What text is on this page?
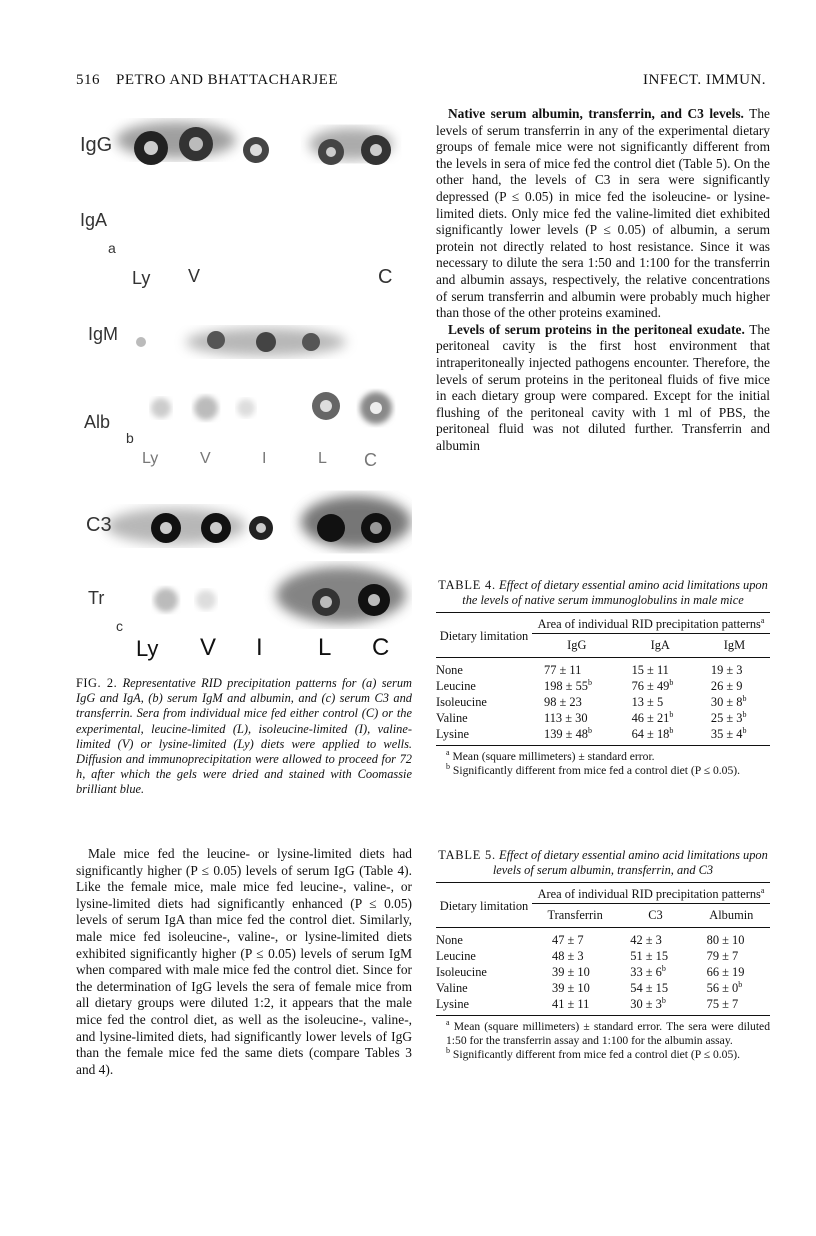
516 PETRO AND BHATTACHARJEE	INFECT. IMMUN.
IgG
IgA
a
Ly V	C
IgM
Alb
b
Ly	V	I	L C
C3
Tr
c
Ly V I L C
FIG. 2. Representative RID precipitation patterns for (a) serum IgG and IgA, (b) serum IgM and albumin, and (c) serum C3 and transferrin. Sera from individual mice fed either control (C) or the experimental, leucine-limited (L), isoleucine-limited (I), valine-limited (V) or lysine-limited (Ly) diets were applied to wells. Diffusion and immunoprecipitation were allowed to proceed for 72 h, after which the gels were dried and stained with Coomassie brilliant blue.

Male mice fed the leucine- or lysine-limited diets had significantly higher (P ≤ 0.05) levels of serum IgG (Table 4). Like the female mice, male mice fed leucine-, valine-, or lysine-limited diets had significantly enhanced (P ≤ 0.05) levels of serum IgA than mice fed the control diet. Similarly, male mice fed isoleucine-, valine-, or lysine-limited diets exhibited significantly higher (P ≤ 0.05) levels of serum IgM when compared with male mice fed the control diet. Since for the determination of IgG levels the sera of female mice from all dietary groups were diluted 1:2, it appears that the male mice fed the control diet, as well as the isoleucine-, valine-, and lysine-limited diets, had significantly lower levels of IgG than the female mice fed the same diets (compare Tables 3 and 4).

Native serum albumin, transferrin, and C3 levels. The levels of serum transferrin in any of the experimental dietary groups of female mice were not significantly different from the levels in sera of mice fed the control diet (Table 5). On the other hand, the levels of C3 in sera were significantly depressed (P ≤ 0.05) in mice fed the isoleucine- or lysine-limited diets. Only mice fed the valine-limited diet exhibited significantly lower levels (P ≤ 0.05) of albumin, a serum protein not directly related to host resistance. Since it was necessary to dilute the sera 1:50 and 1:100 for the transferrin and albumin assays, respectively, the relative concentrations of serum transferrin and albumin were probably much higher than those of the other proteins examined.

Levels of serum proteins in the peritoneal exudate. The peritoneal cavity is the first host environment that intraperitoneally injected pathogens encounter. Therefore, the levels of serum proteins in the peritoneal fluids of five mice in each dietary group were compared. Except for the initial flushing of the peritoneal cavity with 1 ml of PBS, the peritoneal fluid was not diluted further. Transferrin and albumin

TABLE 4. Effect of dietary essential amino acid limitations upon the levels of native serum immunoglobulins in male mice
Dietary limitation	Area of individual RID precipitation patterns$^a$
	IgG	IgA	IgM
None	77 ± 11	15 ± 11	19 ± 3
Leucine	$198 \pm 55^b$	$76 \pm 49^b$	26 ± 9
Isoleucine	98 ± 23	13 ± 5	$30 \pm 8^b$
Valine	113 ± 30	$46 \pm 21^b$	$25 \pm 3^b$
Lysine	$139 \pm 48^b$	$64 \pm 18^b$	$35 \pm 4^b$
$^a$ Mean (square millimeters) ± standard error.
$^b$ Significantly different from mice fed a control diet (P ≤ 0.05).
TABLE 5. Effect of dietary essential amino acid limitations upon levels of serum albumin, transferrin, and C3
Dietary limitation	Area of individual RID precipitation patterns$^a$
	Transferrin	C3	Albumin
None	47 ± 7	42 ± 3	80 ± 10
Leucine	48 ± 3	51 ± 15	79 ± 7
Isoleucine	39 ± 10	$33 \pm 6^b$	66 ± 19
Valine	39 ± 10	54 ± 15	$56 \pm 0^b$
Lysine	41 ± 11	$30 \pm 3^b$	75 ± 7
$^a$ Mean (square millimeters) ± standard error. The sera were diluted 1:50 for the transferrin assay and 1:100 for the albumin assay.
$^b$ Significantly different from mice fed a control diet (P ≤ 0.05).
